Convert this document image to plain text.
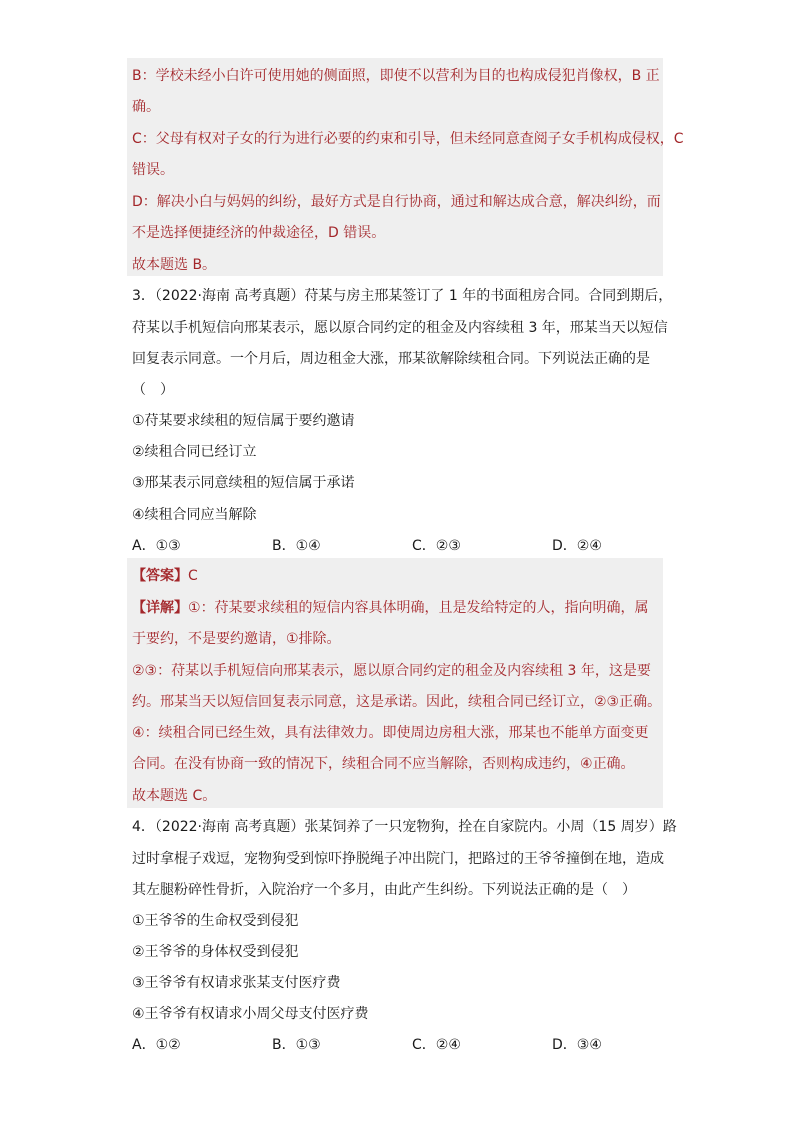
B：学校未经小白许可使用她的侧面照，即使不以营利为目的也构成侵犯肖像权，B 正
确。
C：父母有权对子女的行为进行必要的约束和引导，但未经同意查阅子女手机构成侵权，C
错误。
D：解决小白与妈妈的纠纷，最好方式是自行协商，通过和解达成合意，解决纠纷，而
不是选择便捷经济的仲裁途径，D 错误。
故本题选 B。
3．（2022·海南 高考真题）苻某与房主邢某签订了 1 年的书面租房合同。合同到期后，
苻某以手机短信向邢某表示，愿以原合同约定的租金及内容续租 3 年，邢某当天以短信
回复表示同意。一个月后，周边租金大涨，邢某欲解除续租合同。下列说法正确的是
（　）
①苻某要求续租的短信属于要约邀请
②续租合同已经订立
③邢某表示同意续租的短信属于承诺
④续租合同应当解除
A．①③	B．①④	C．②③	D．②④
【答案】C
【详解】①：苻某要求续租的短信内容具体明确，且是发给特定的人，指向明确，属
于要约，不是要约邀请，①排除。
②③：苻某以手机短信向邢某表示，愿以原合同约定的租金及内容续租 3 年，这是要
约。邢某当天以短信回复表示同意，这是承诺。因此，续租合同已经订立，②③正确。
④：续租合同已经生效，具有法律效力。即使周边房租大涨，邢某也不能单方面变更
合同。在没有协商一致的情况下，续租合同不应当解除，否则构成违约，④正确。
故本题选 C。
4．（2022·海南 高考真题）张某饲养了一只宠物狗，拴在自家院内。小周（15 周岁）路
过时拿棍子戏逗，宠物狗受到惊吓挣脱绳子冲出院门，把路过的王爷爷撞倒在地，造成
其左腿粉碎性骨折，入院治疗一个多月，由此产生纠纷。下列说法正确的是（　）
①王爷爷的生命权受到侵犯
②王爷爷的身体权受到侵犯
③王爷爷有权请求张某支付医疗费
④王爷爷有权请求小周父母支付医疗费
A．①②	B．①③	C．②④	D．③④
